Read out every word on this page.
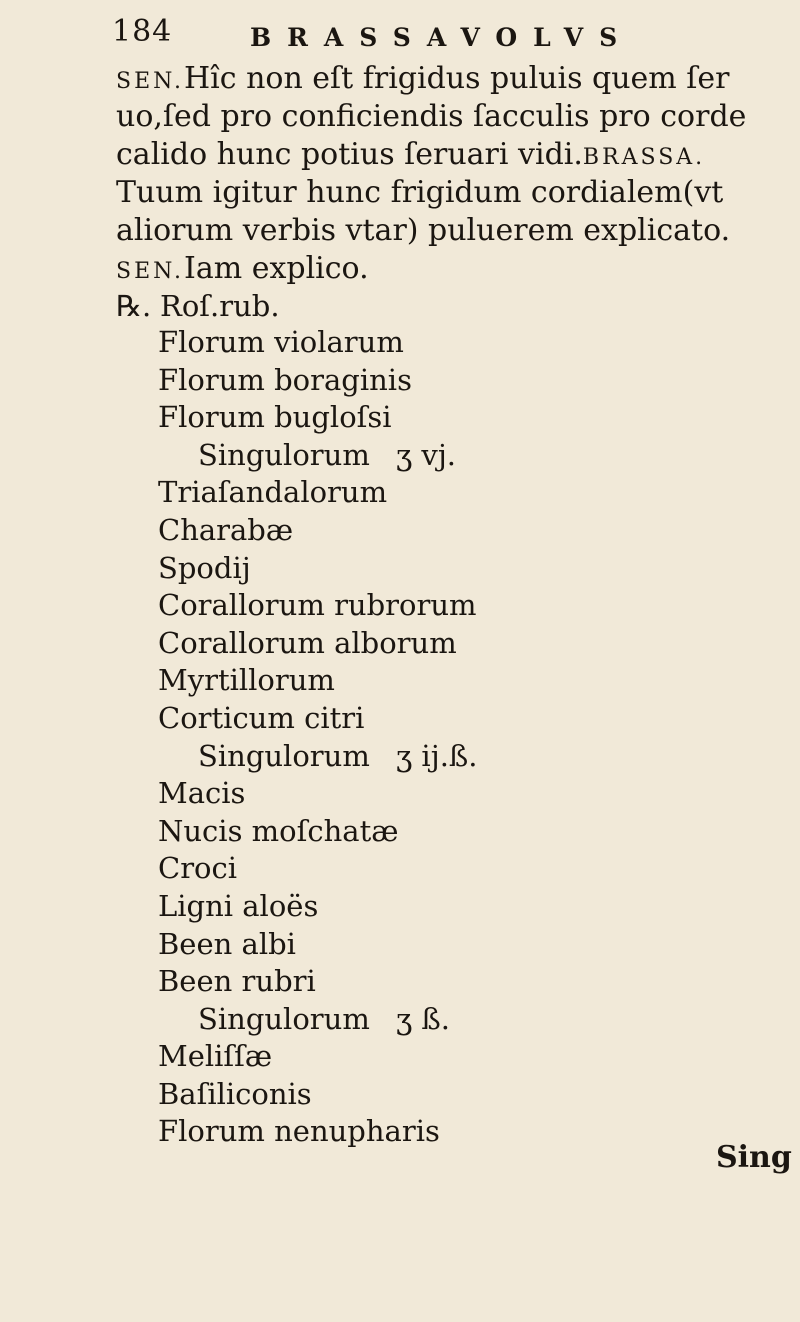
184	BRASSAVOLVS
SEN.Hîc non eſt frigidus puluis quem ſer
uo,ſed pro conficiendis ſacculis pro corde
calido hunc potius ſeruari vidi.BRASSA.
Tuum igitur hunc frigidum cordialem(vt
aliorum verbis vtar) puluerem explicato.
SEN.Iam explico.
℞. Roſ.rub.
Florum violarum
Florum boraginis
Florum buglоſsi
Singulorum ʒ vj.
Triaſandalorum
Charabæ
Spodij
Corallorum rubrorum
Corallorum alborum
Myrtillorum
Corticum citri
Singulorum ʒ ij.ß.
Macis
Nucis moſchatæ
Croci
Ligni aloës
Been albi
Been rubri
Singulorum ʒ ß.
Meliſſæ
Baſiliconis
Florum nenupharis
Sing
